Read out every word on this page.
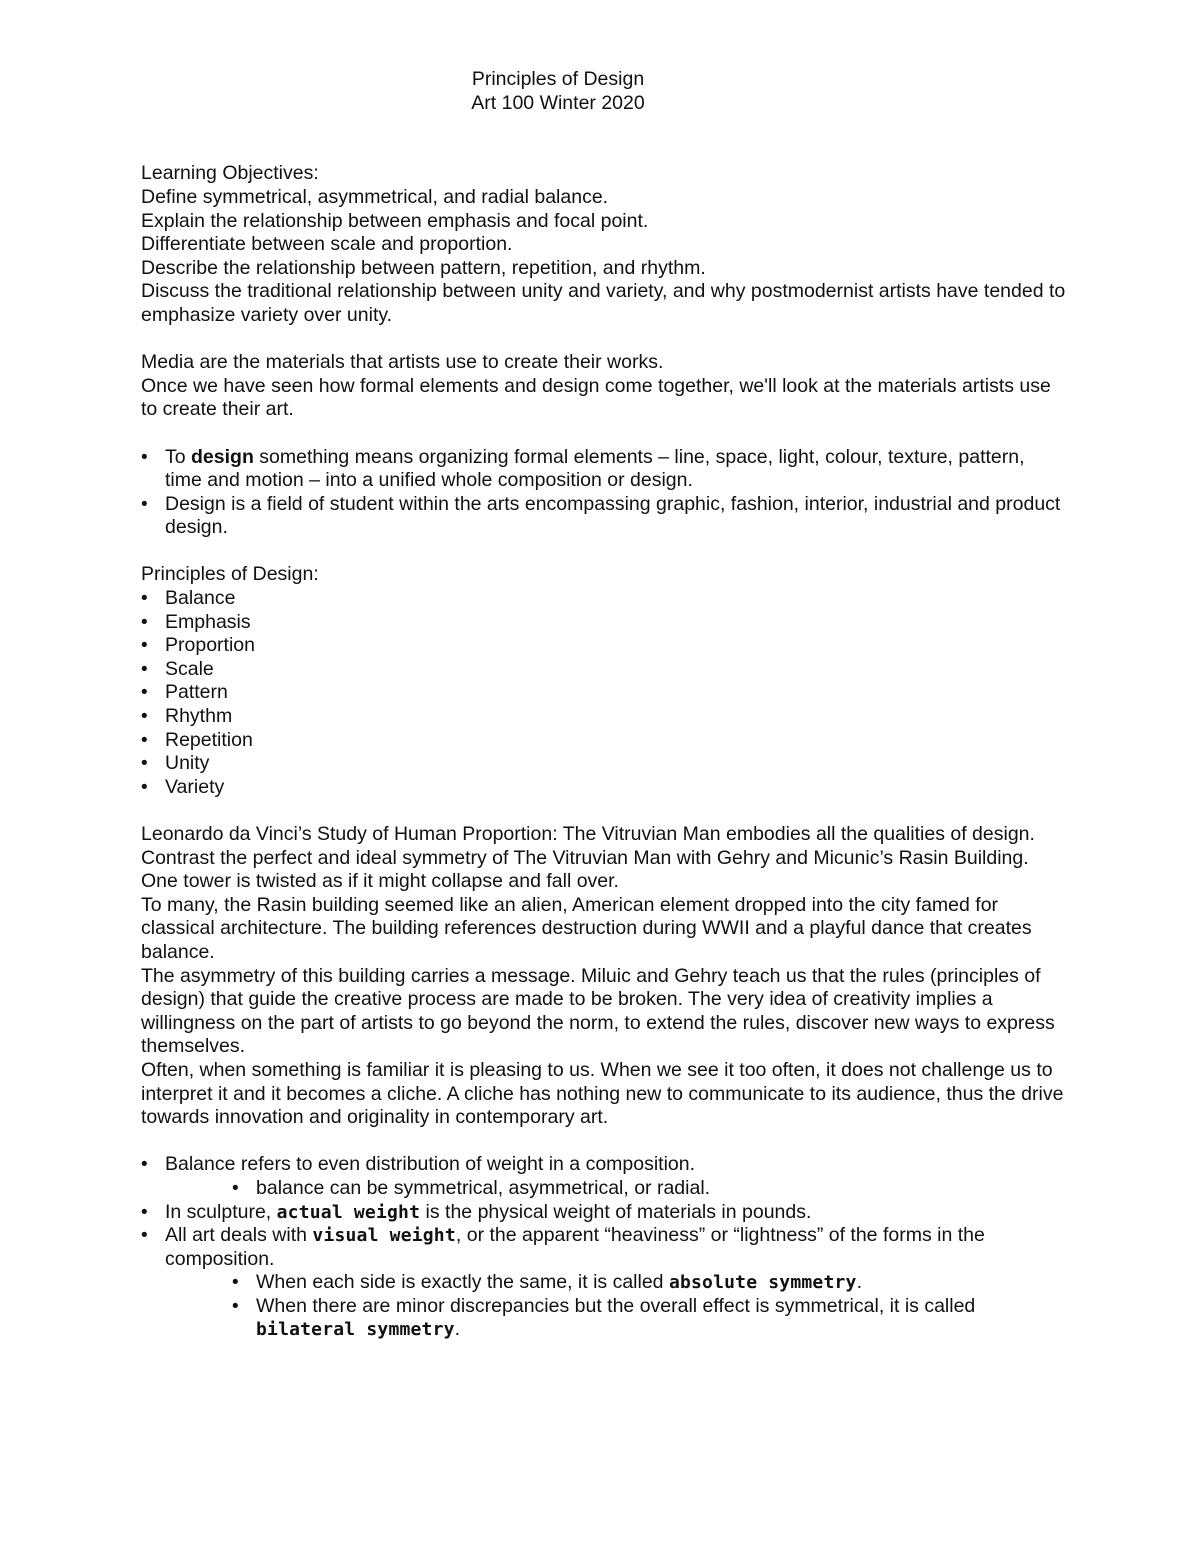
Principles of Design
Art 100 Winter 2020
Learning Objectives:
Define symmetrical, asymmetrical, and radial balance.
Explain the relationship between emphasis and focal point.
Differentiate between scale and proportion.
Describe the relationship between pattern, repetition, and rhythm.
Discuss the traditional relationship between unity and variety, and why postmodernist artists have tended to emphasize variety over unity.
Media are the materials that artists use to create their works.
Once we have seen how formal elements and design come together, we'll look at the materials artists use to create their art.
• To design something means organizing formal elements – line, space, light, colour, texture, pattern, time and motion – into a unified whole composition or design.
• Design is a field of student within the arts encompassing graphic, fashion, interior, industrial and product design.
Principles of Design:
• Balance
• Emphasis
• Proportion
• Scale
• Pattern
• Rhythm
• Repetition
• Unity
• Variety
Leonardo da Vinci’s Study of Human Proportion: The Vitruvian Man embodies all the qualities of design.
Contrast the perfect and ideal symmetry of The Vitruvian Man with Gehry and Micunic’s Rasin Building.
One tower is twisted as if it might collapse and fall over.
To many, the Rasin building seemed like an alien, American element dropped into the city famed for classical architecture. The building references destruction during WWII and a playful dance that creates balance.
The asymmetry of this building carries a message. Miluic and Gehry teach us that the rules (principles of design) that guide the creative process are made to be broken. The very idea of creativity implies a willingness on the part of artists to go beyond the norm, to extend the rules, discover new ways to express themselves.
Often, when something is familiar it is pleasing to us. When we see it too often, it does not challenge us to interpret it and it becomes a cliche. A cliche has nothing new to communicate to its audience, thus the drive towards innovation and originality in contemporary art.
• Balance refers to even distribution of weight in a composition.
• balance can be symmetrical, asymmetrical, or radial.
• In sculpture, actual weight is the physical weight of materials in pounds.
• All art deals with visual weight, or the apparent “heaviness” or “lightness” of the forms in the composition.
• When each side is exactly the same, it is called absolute symmetry.
• When there are minor discrepancies but the overall effect is symmetrical, it is called bilateral symmetry.
